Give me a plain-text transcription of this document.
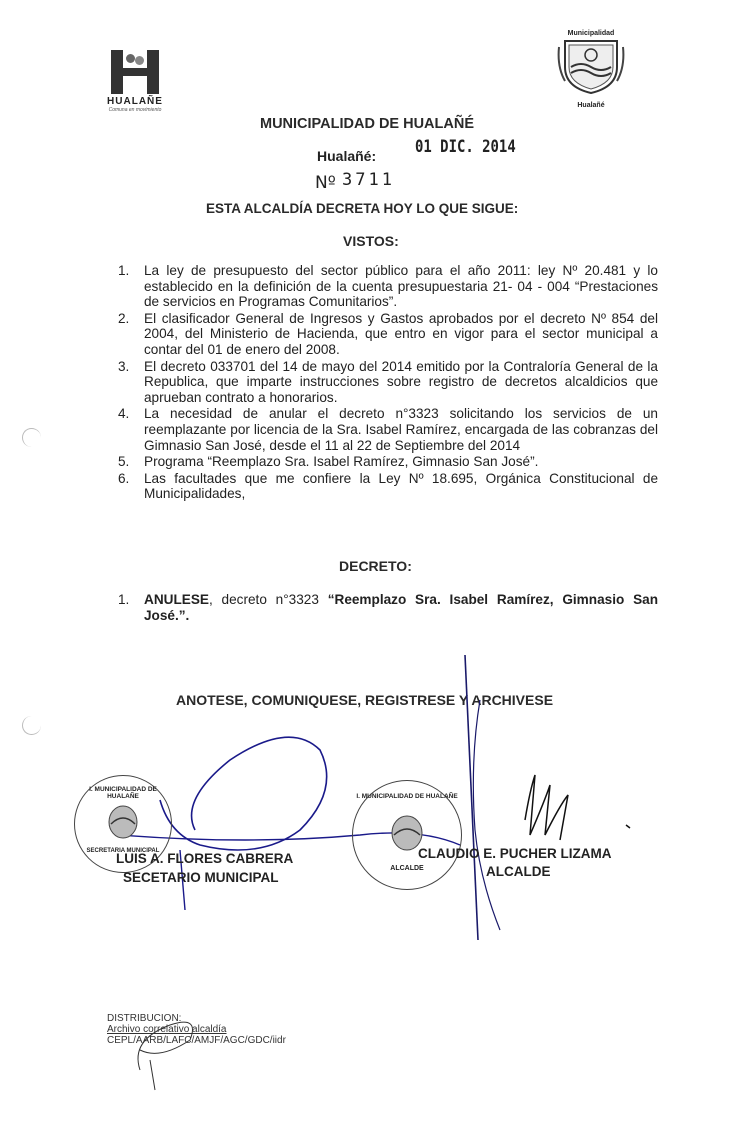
HUALAÑE
Comuna en movimiento
Municipalidad
Hualañé
MUNICIPALIDAD DE HUALAÑÉ
Hualañé: 01 DIC. 2014
Nº 3711
ESTA ALCALDÍA DECRETA HOY LO QUE SIGUE:
VISTOS:
1. La ley de presupuesto del sector público para el año 2011: ley Nº 20.481 y lo establecido en la definición de la cuenta presupuestaria 21- 04 - 004 “Prestaciones de servicios en Programas Comunitarios”.
2. El clasificador General de Ingresos y Gastos aprobados por el decreto Nº 854 del 2004, del Ministerio de Hacienda, que entro en vigor para el sector municipal a contar del 01 de enero del 2008.
3. El decreto 033701 del 14 de mayo del 2014 emitido por la Contraloría General de la Republica, que imparte instrucciones sobre registro de decretos alcaldicios que aprueban contrato a honorarios.
4. La necesidad de anular el decreto n°3323 solicitando los servicios de un reemplazante por licencia de la Sra. Isabel Ramírez, encargada de las cobranzas del Gimnasio San José, desde el 11 al 22 de Septiembre del 2014
5. Programa “Reemplazo Sra. Isabel Ramírez, Gimnasio San José”.
6. Las facultades que me confiere la Ley Nº 18.695, Orgánica Constitucional de Municipalidades,
DECRETO:
1. ANULESE, decreto n°3323 “Reemplazo Sra. Isabel Ramírez, Gimnasio San José.”.
ANOTESE, COMUNIQUESE, REGISTRESE Y ARCHIVESE
I. MUNICIPALIDAD DE HUALAÑE
SECRETARIA MUNICIPAL
I. MUNICIPALIDAD DE HUALAÑE
ALCALDE
LUIS A. FLORES CABRERA
SECETARIO MUNICIPAL
CLAUDIO E. PUCHER LIZAMA
ALCALDE
DISTRIBUCION:
Archivo correlativo alcaldía
CEPL/AARB/LAFC/AMJF/AGC/GDC/iidr
